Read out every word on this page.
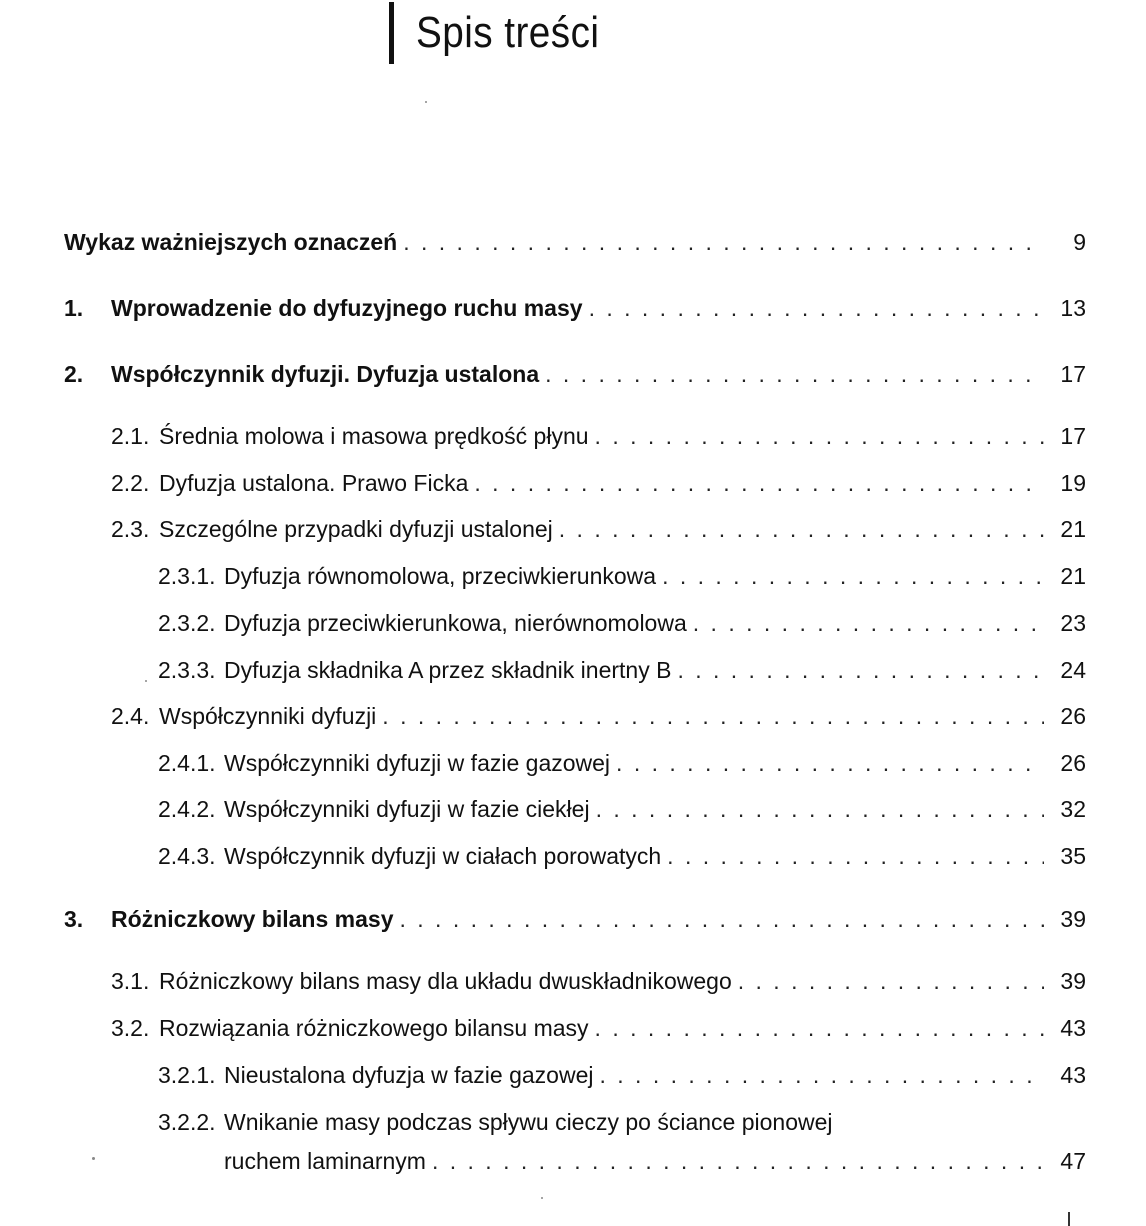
Spis treści
Wykaz ważniejszych oznaczeń . . .	9
1.	Wprowadzenie do dyfuzyjnego ruchu masy . . .	13
2.	Współczynnik dyfuzji. Dyfuzja ustalona . . .	17
2.1. Średnia molowa i masowa prędkość płynu . . .	17
2.2. Dyfuzja ustalona. Prawo Ficka . . .	19
2.3. Szczególne przypadki dyfuzji ustalonej . . .	21
2.3.1. Dyfuzja równomolowa, przeciwkierunkowa . . .	21
2.3.2. Dyfuzja przeciwkierunkowa, nierównomolowa . . .	23
2.3.3. Dyfuzja składnika A przez składnik inertny B . . .	24
2.4. Współczynniki dyfuzji . . .	26
2.4.1. Współczynniki dyfuzji w fazie gazowej . . .	26
2.4.2. Współczynniki dyfuzji w fazie ciekłej . . .	32
2.4.3. Współczynnik dyfuzji w ciałach porowatych . . .	35
3.	Różniczkowy bilans masy . . .	39
3.1. Różniczkowy bilans masy dla układu dwuskładnikowego . . .	39
3.2. Rozwiązania różniczkowego bilansu masy . . .	43
3.2.1. Nieustalona dyfuzja w fazie gazowej . . .	43
3.2.2. Wnikanie masy podczas spływu cieczy po ściance pionowej
ruchem laminarnym . . .	47
